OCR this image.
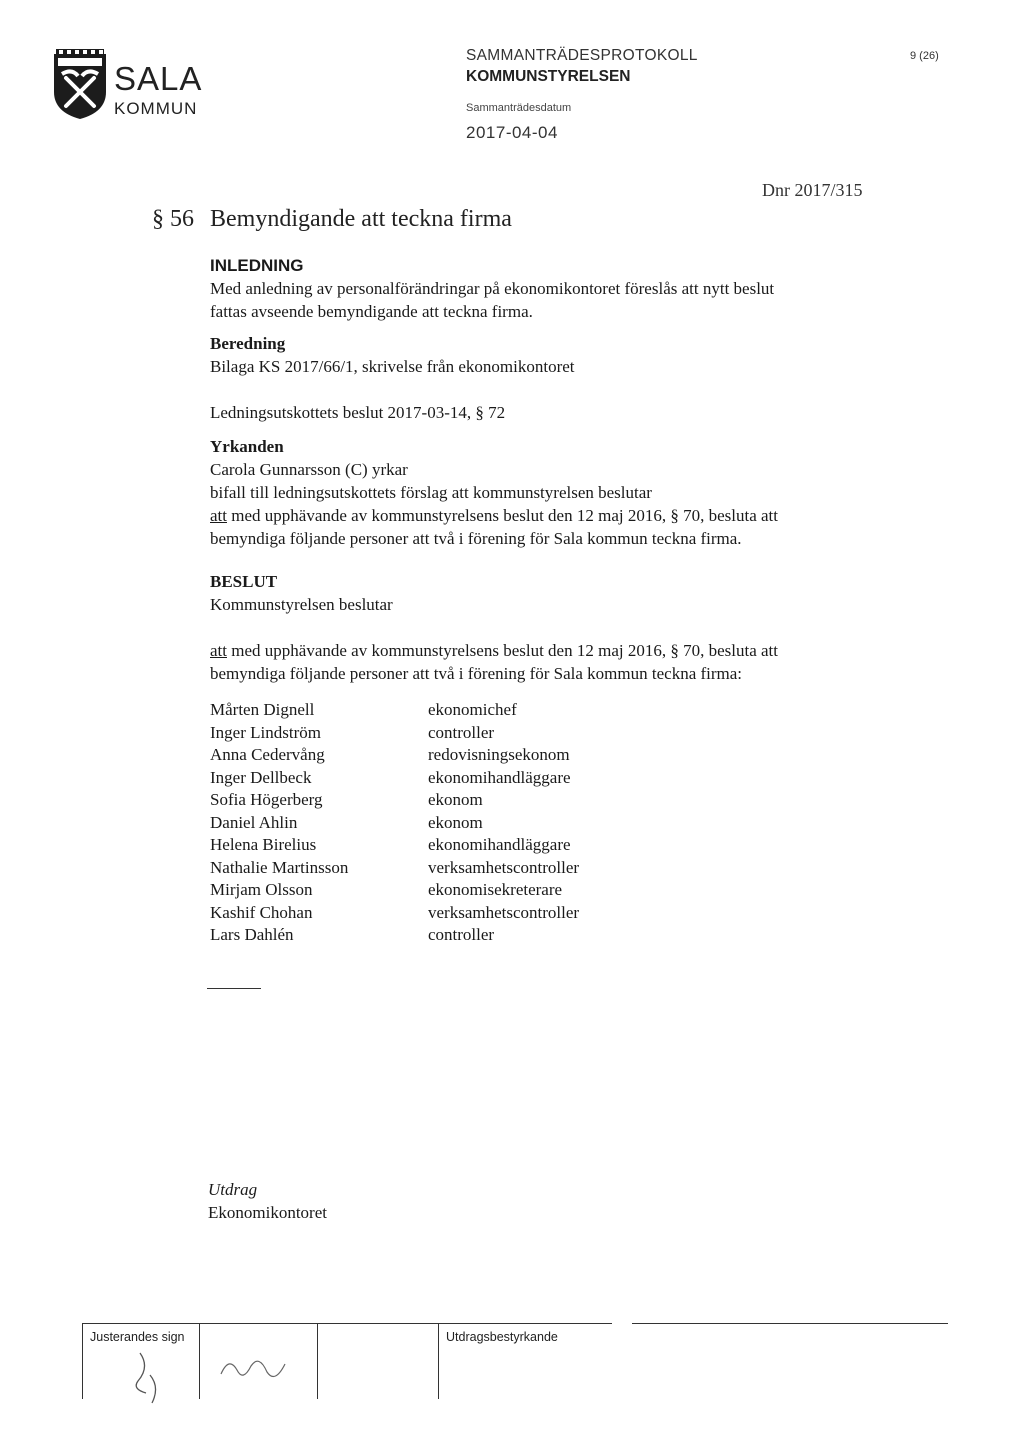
SALA
KOMMUN
SAMMANTRÄDESPROTOKOLL
KOMMUNSTYRELSEN
Sammanträdesdatum
2017-04-04
9 (26)
Dnr 2017/315
§ 56 Bemyndigande att teckna firma
INLEDNING

Med anledning av personalförändringar på ekonomikontoret föreslås att nytt beslut

fattas avseende bemyndigande att teckna firma.

Beredning

Bilaga KS 2017/66/1, skrivelse från ekonomikontoret

Ledningsutskottets beslut 2017-03-14, § 72

Yrkanden

Carola Gunnarsson (C) yrkar

bifall till ledningsutskottets förslag att kommunstyrelsen beslutar

att med upphävande av kommunstyrelsens beslut den 12 maj 2016, § 70, besluta att

bemyndiga följande personer att två i förening för Sala kommun teckna firma.

BESLUT

Kommunstyrelsen beslutar

att med upphävande av kommunstyrelsens beslut den 12 maj 2016, § 70, besluta att

bemyndiga följande personer att två i förening för Sala kommun teckna firma:

Mårten Dignell	ekonomichef
Inger Lindström	controller
Anna Cedervång	redovisningsekonom
Inger Dellbeck	ekonomihandläggare
Sofia Högerberg	ekonom
Daniel Ahlin	ekonom
Helena Birelius	ekonomihandläggare
Nathalie Martinsson	verksamhetscontroller
Mirjam Olsson	ekonomisekreterare
Kashif Chohan	verksamhetscontroller
Lars Dahlén	controller
Utdrag
Ekonomikontoret
Justerandes sign	Utdragsbestyrkande
